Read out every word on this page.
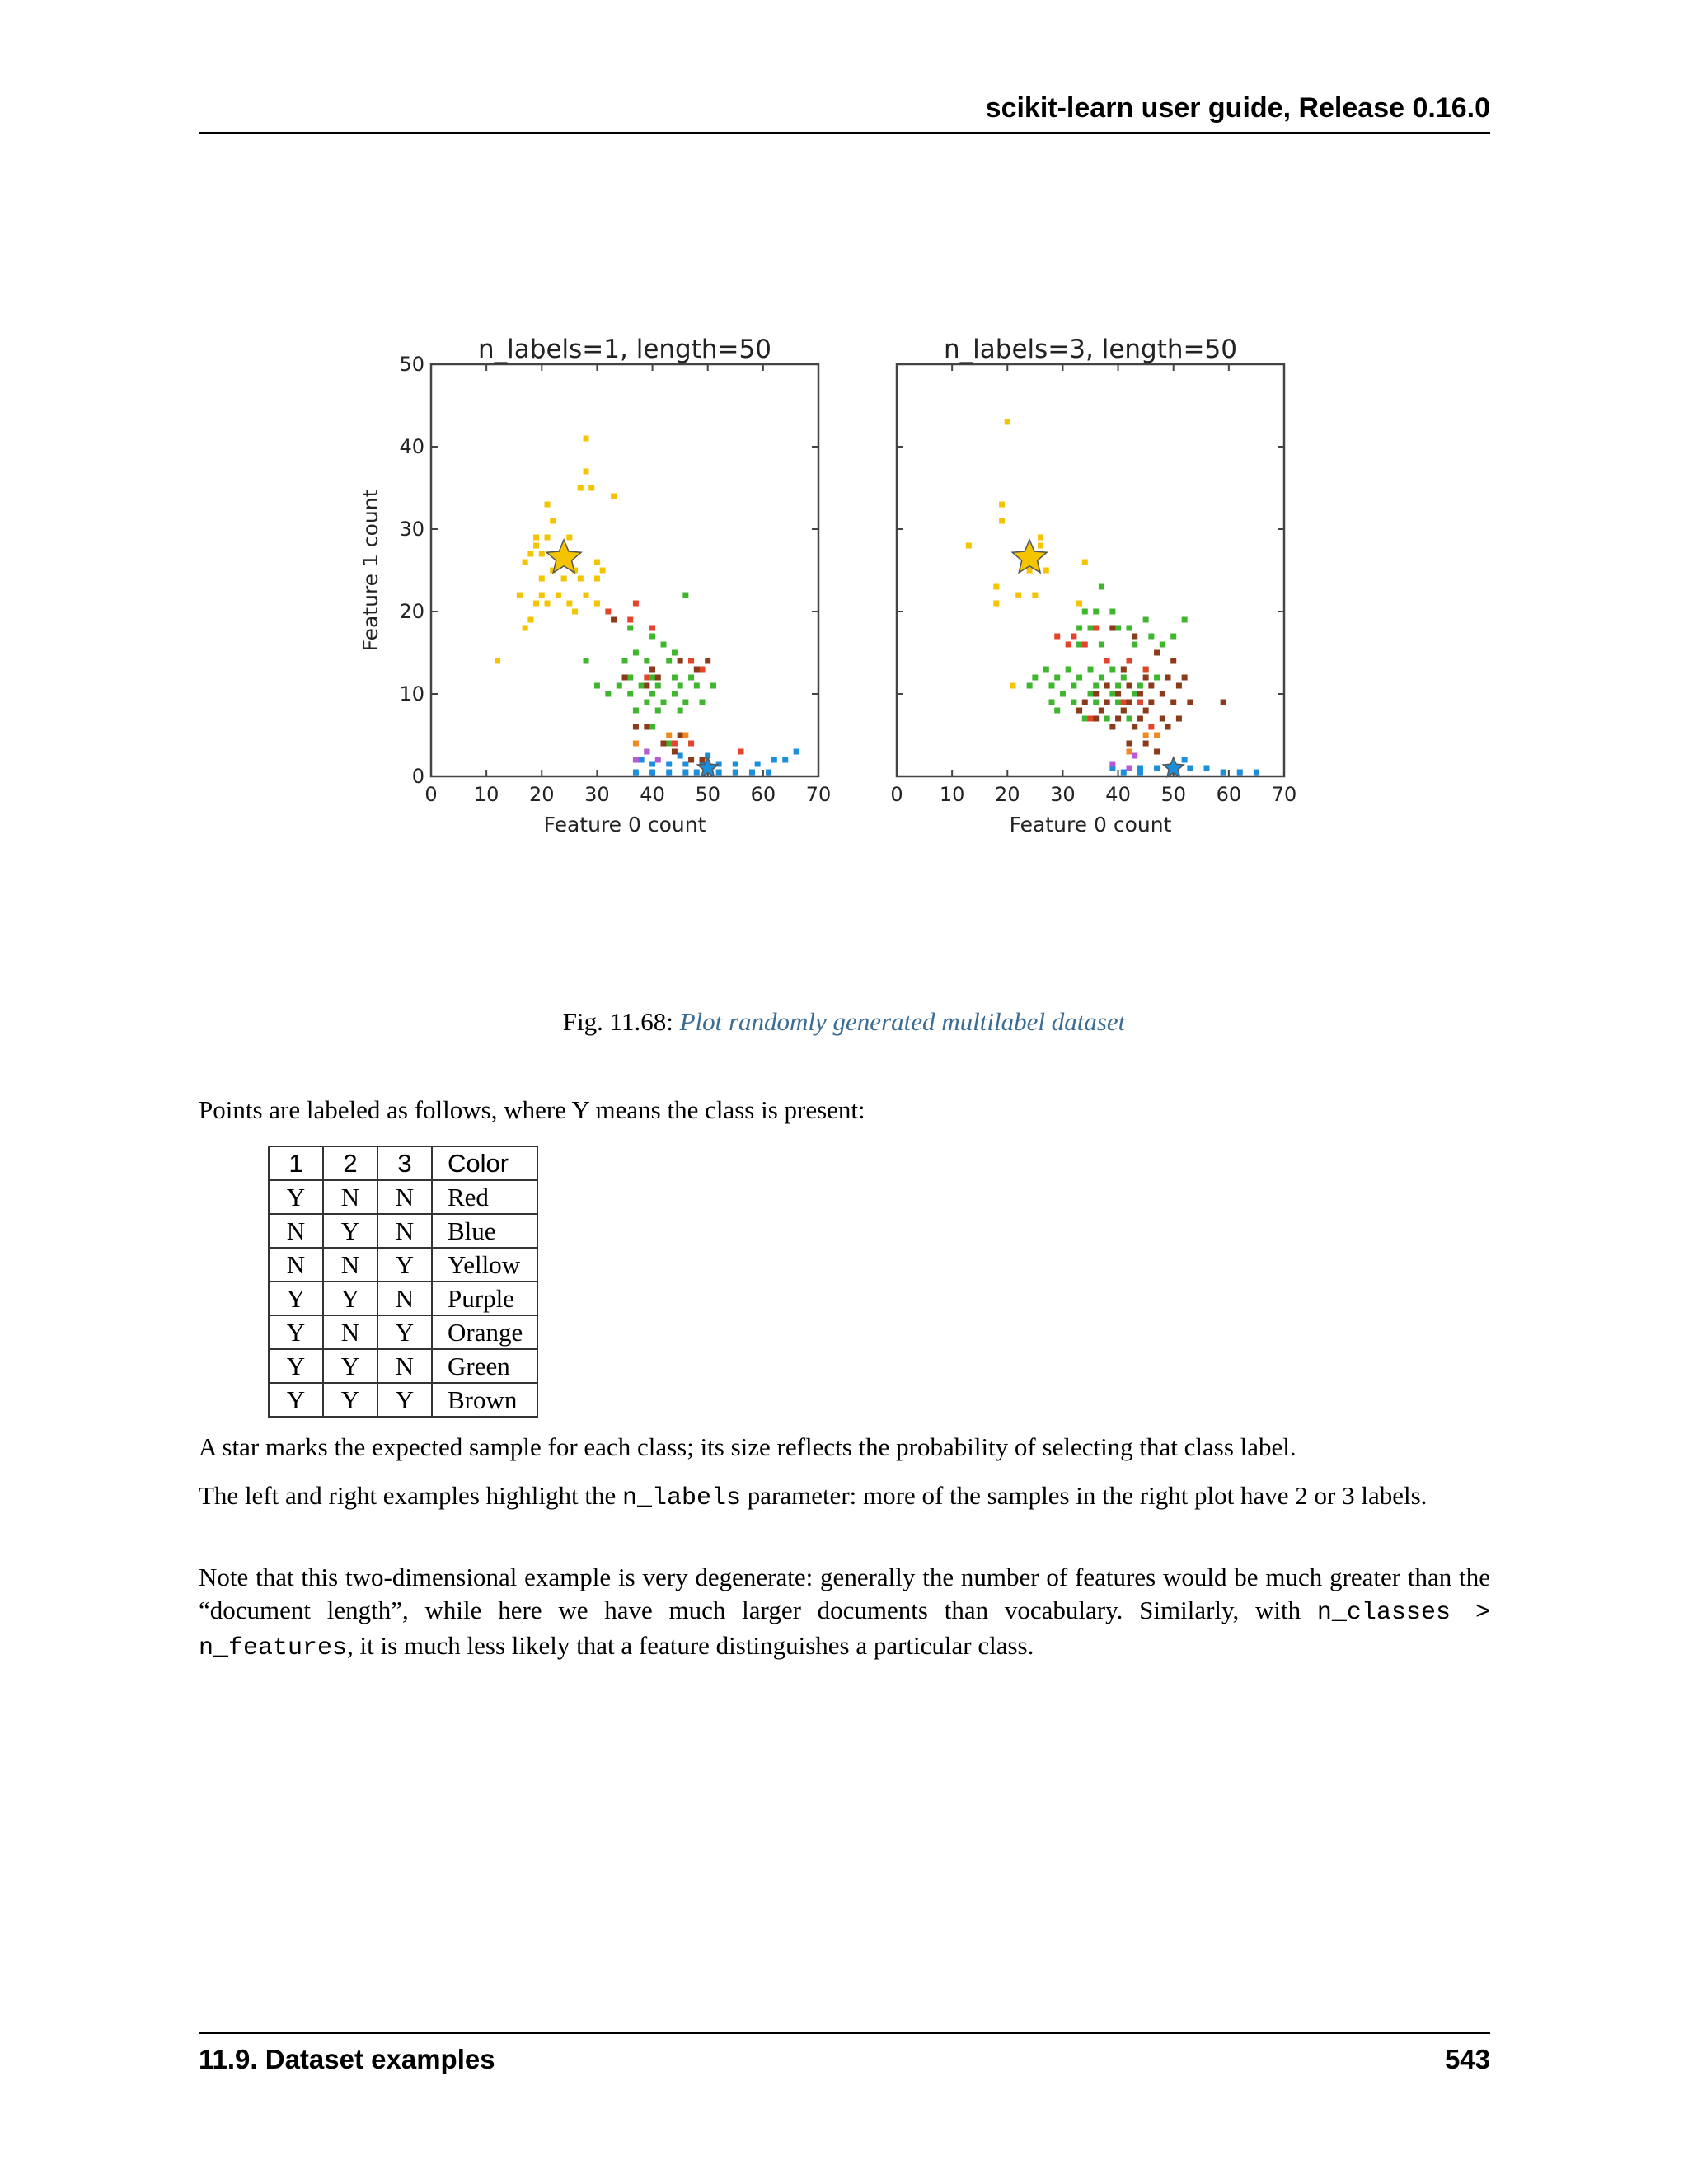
scikit-learn user guide, Release 0.16.0
0 10 20 30 40 50 60 70
0
10
20
30
40
50 n_labels=1, length=50
Feature 0 count
Feature 1 count
0 10 20 30 40 50 60 70
n_labels=3, length=50
Feature 0 count
Fig. 11.68: Plot randomly generated multilabel dataset
Points are labeled as follows, where Y means the class is present:
1	2	3	Color
Y	N	N	Red
N	Y	N	Blue
N	N	Y	Yellow
Y	Y	N	Purple
Y	N	Y	Orange
Y	Y	N	Green
Y	Y	Y	Brown
A star marks the expected sample for each class; its size reflects the probability of selecting that class label.
The left and right examples highlight the n_labels parameter: more of the samples in the right plot have 2 or 3 labels.
Note that this two-dimensional example is very degenerate: generally the number of features would be much greater than the “document length”, while here we have much larger documents than vocabulary. Similarly, with n_classes > n_features, it is much less likely that a feature distinguishes a particular class.
11.9. Dataset examples	543
